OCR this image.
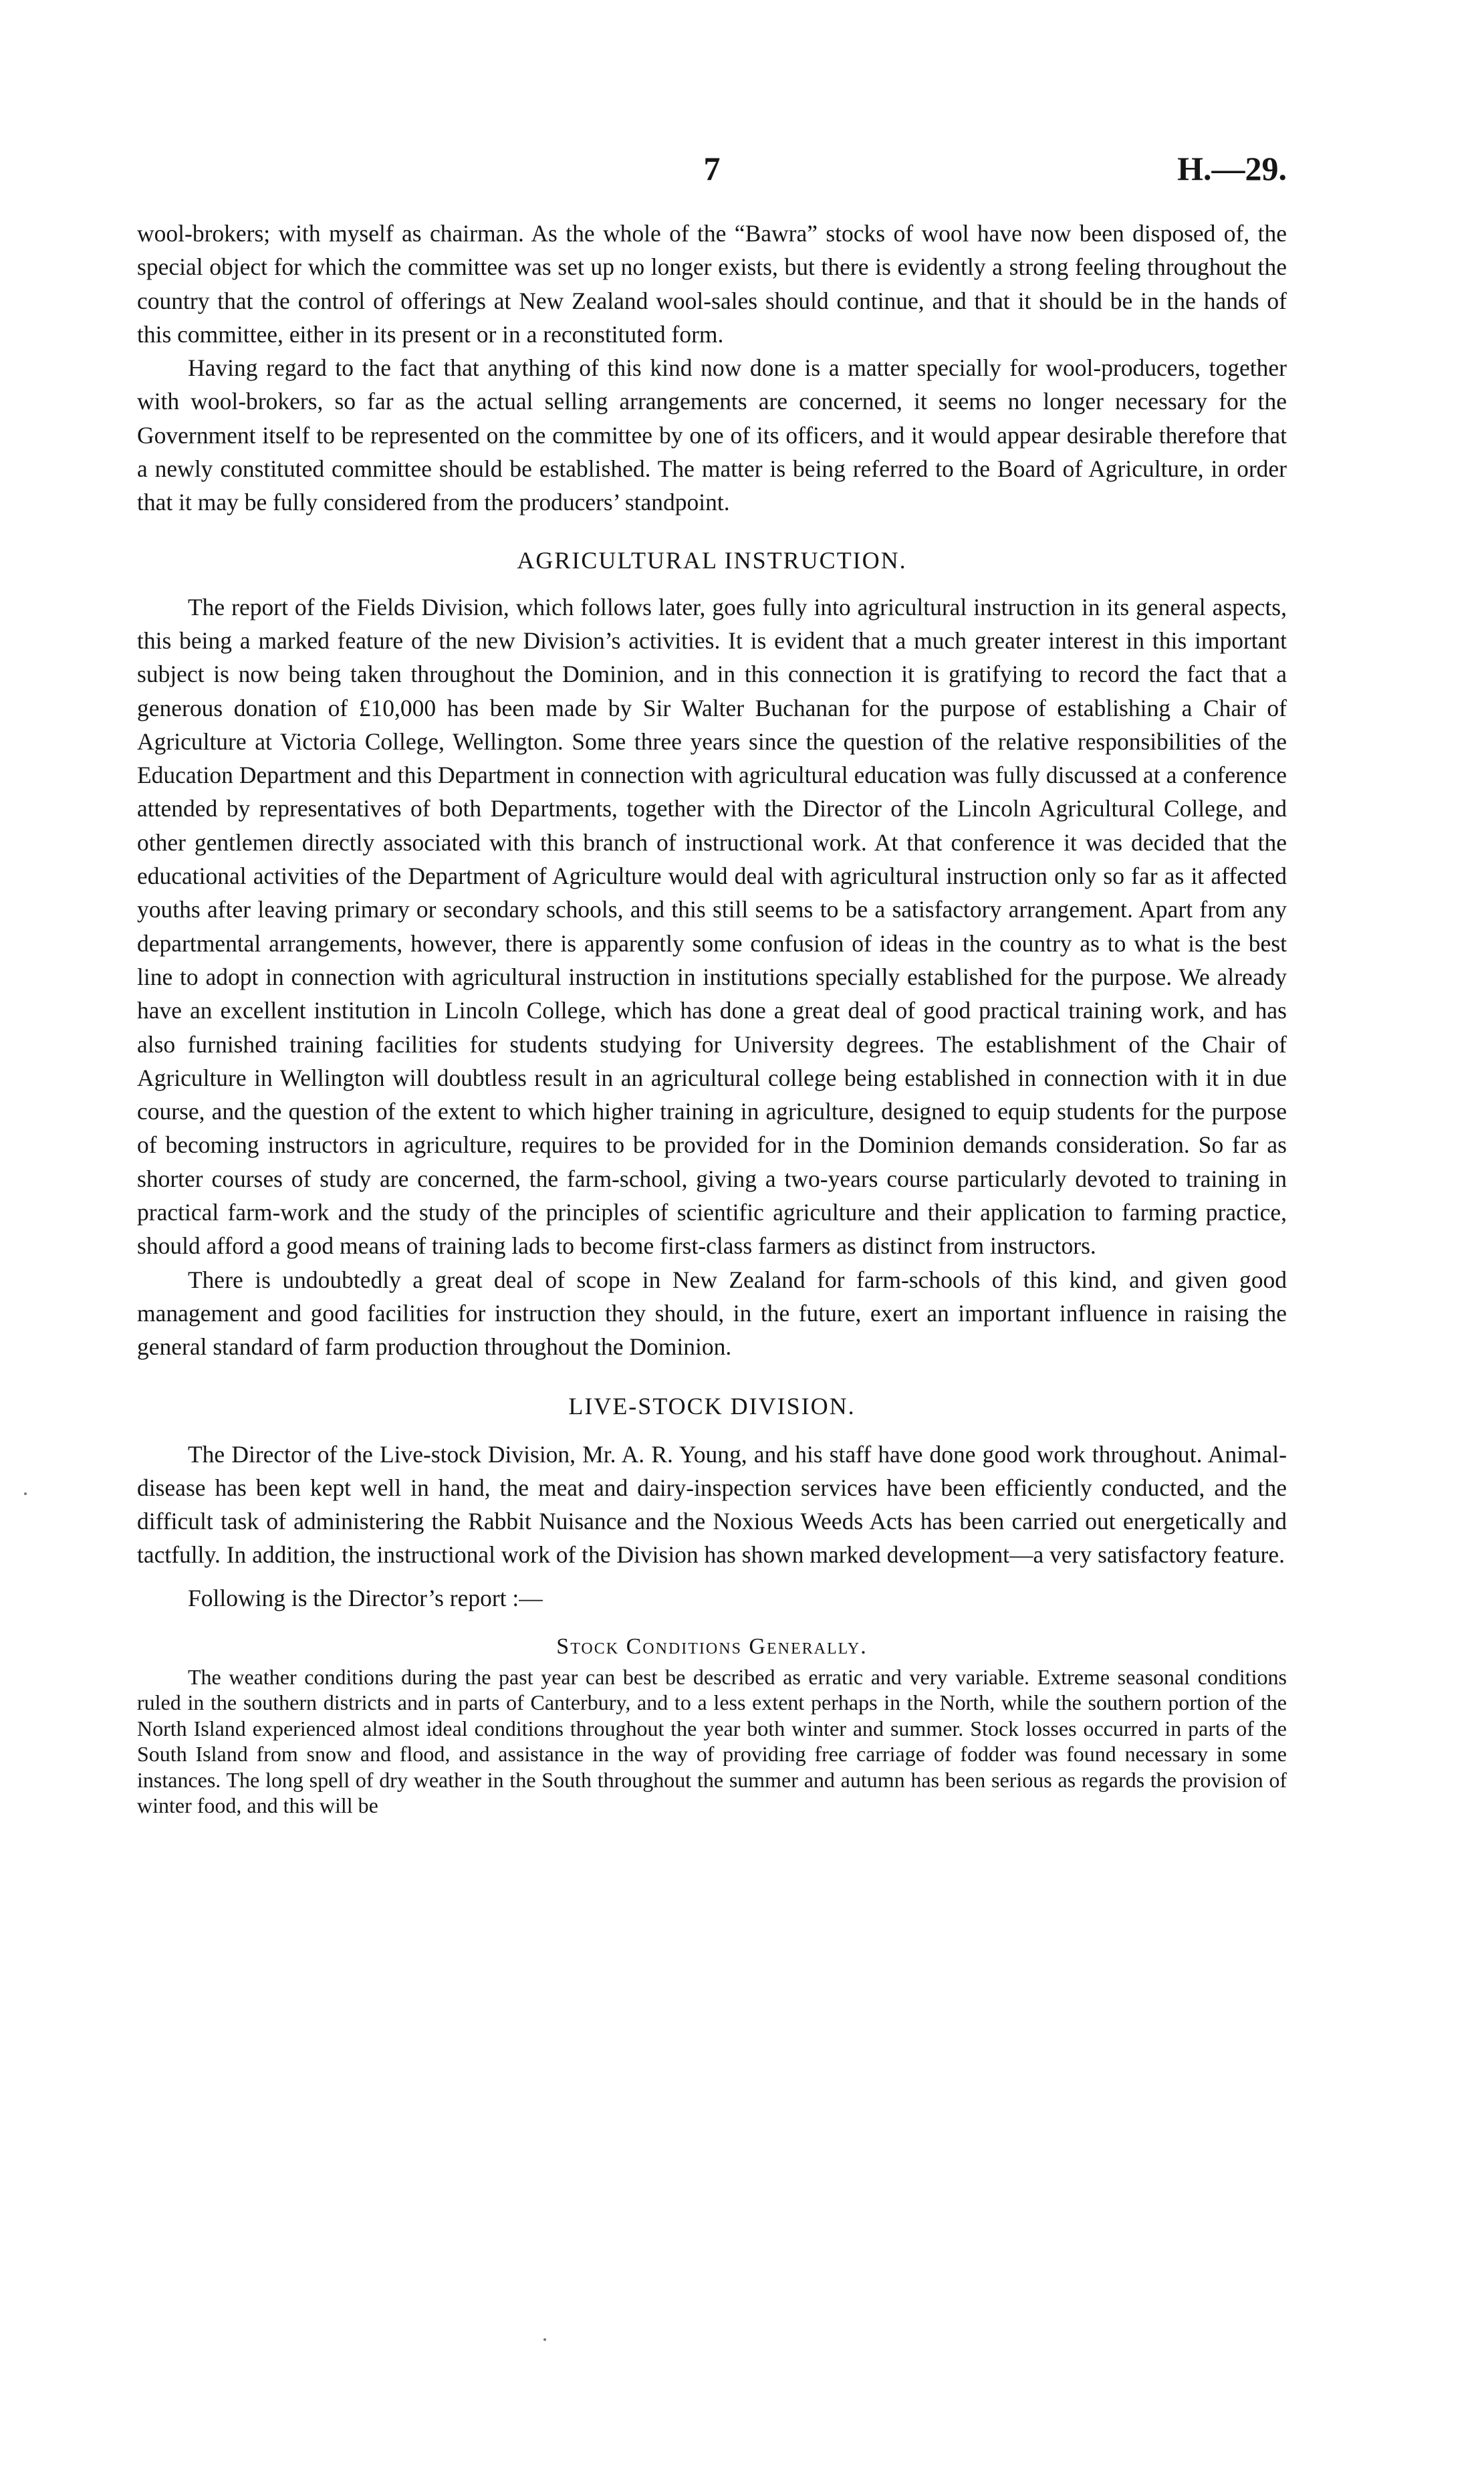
7	H.—29.

wool-brokers; with myself as chairman. As the whole of the “Bawra” stocks of wool have now been disposed of, the special object for which the committee was set up no longer exists, but there is evidently a strong feeling throughout the country that the control of offerings at New Zealand wool-sales should continue, and that it should be in the hands of this committee, either in its present or in a reconstituted form.

Having regard to the fact that anything of this kind now done is a matter specially for wool-producers, together with wool-brokers, so far as the actual selling arrangements are concerned, it seems no longer necessary for the Government itself to be represented on the committee by one of its officers, and it would appear desirable therefore that a newly constituted committee should be established. The matter is being referred to the Board of Agriculture, in order that it may be fully considered from the producers’ standpoint.

AGRICULTURAL INSTRUCTION.

The report of the Fields Division, which follows later, goes fully into agricultural instruction in its general aspects, this being a marked feature of the new Division’s activities. It is evident that a much greater interest in this important subject is now being taken throughout the Dominion, and in this connection it is gratifying to record the fact that a generous donation of £10,000 has been made by Sir Walter Buchanan for the purpose of establishing a Chair of Agriculture at Victoria College, Wellington. Some three years since the question of the relative responsibilities of the Education Department and this Department in connection with agricultural education was fully discussed at a conference attended by representatives of both Departments, together with the Director of the Lincoln Agricultural College, and other gentlemen directly associated with this branch of instructional work. At that conference it was decided that the educational activities of the Department of Agriculture would deal with agricultural instruction only so far as it affected youths after leaving primary or secondary schools, and this still seems to be a satisfactory arrangement. Apart from any departmental arrangements, however, there is apparently some confusion of ideas in the country as to what is the best line to adopt in connection with agricultural instruction in institutions specially established for the purpose. We already have an excellent institution in Lincoln College, which has done a great deal of good practical training work, and has also furnished training facilities for students studying for University degrees. The establishment of the Chair of Agriculture in Wellington will doubtless result in an agricultural college being established in connection with it in due course, and the question of the extent to which higher training in agriculture, designed to equip students for the purpose of becoming instructors in agriculture, requires to be provided for in the Dominion demands consideration. So far as shorter courses of study are concerned, the farm-school, giving a two-years course particularly devoted to training in practical farm-work and the study of the principles of scientific agriculture and their application to farming practice, should afford a good means of training lads to become first-class farmers as distinct from instructors.

There is undoubtedly a great deal of scope in New Zealand for farm-schools of this kind, and given good management and good facilities for instruction they should, in the future, exert an important influence in raising the general standard of farm production throughout the Dominion.

LIVE-STOCK DIVISION.

The Director of the Live-stock Division, Mr. A. R. Young, and his staff have done good work throughout. Animal-disease has been kept well in hand, the meat and dairy-inspection services have been efficiently conducted, and the difficult task of administering the Rabbit Nuisance and the Noxious Weeds Acts has been carried out energetically and tactfully. In addition, the instructional work of the Division has shown marked development—a very satisfactory feature.

Following is the Director’s report :—

Stock Conditions Generally.

The weather conditions during the past year can best be described as erratic and very variable. Extreme seasonal conditions ruled in the southern districts and in parts of Canterbury, and to a less extent perhaps in the North, while the southern portion of the North Island experienced almost ideal conditions throughout the year both winter and summer. Stock losses occurred in parts of the South Island from snow and flood, and assistance in the way of providing free carriage of fodder was found necessary in some instances. The long spell of dry weather in the South throughout the summer and autumn has been serious as regards the provision of winter food, and this will be
